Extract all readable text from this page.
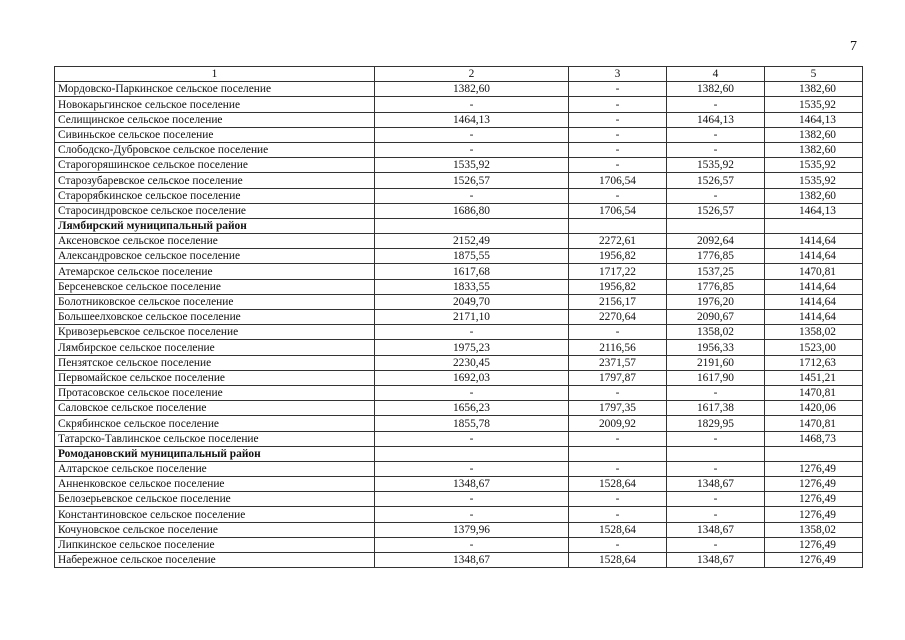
7
1	2	3	4	5
Мордовско-Паркинское сельское поселение	1382,60	-	1382,60	1382,60
Новокарьгинское сельское поселение	-	-	-	1535,92
Селищинское сельское поселение	1464,13	-	1464,13	1464,13
Сивиньское сельское поселение	-	-	-	1382,60
Слободско-Дубровское сельское поселение	-	-	-	1382,60
Старогоряшинское сельское поселение	1535,92	-	1535,92	1535,92
Старозубаревское сельское поселение	1526,57	1706,54	1526,57	1535,92
Старорябкинское сельское поселение	-	-	-	1382,60
Старосиндровское сельское поселение	1686,80	1706,54	1526,57	1464,13
Лямбирский муниципальный район				
Аксеновское сельское поселение	2152,49	2272,61	2092,64	1414,64
Александровское сельское поселение	1875,55	1956,82	1776,85	1414,64
Атемарское сельское поселение	1617,68	1717,22	1537,25	1470,81
Берсеневское сельское поселение	1833,55	1956,82	1776,85	1414,64
Болотниковское сельское поселение	2049,70	2156,17	1976,20	1414,64
Большеелховское сельское поселение	2171,10	2270,64	2090,67	1414,64
Кривозерьевское сельское поселение	-	-	1358,02	1358,02
Лямбирское сельское поселение	1975,23	2116,56	1956,33	1523,00
Пензятское сельское поселение	2230,45	2371,57	2191,60	1712,63
Первомайское сельское поселение	1692,03	1797,87	1617,90	1451,21
Протасовское сельское поселение	-	-	-	1470,81
Саловское сельское поселение	1656,23	1797,35	1617,38	1420,06
Скрябинское сельское поселение	1855,78	2009,92	1829,95	1470,81
Татарско-Тавлинское сельское поселение	-	-	-	1468,73
Ромодановский муниципальный район				
Алтарское сельское поселение	-	-	-	1276,49
Анненковское сельское поселение	1348,67	1528,64	1348,67	1276,49
Белозерьевское сельское поселение	-	-	-	1276,49
Константиновское сельское поселение	-	-	-	1276,49
Кочуновское сельское поселение	1379,96	1528,64	1348,67	1358,02
Липкинское сельское поселение	-	-	-	1276,49
Набережное сельское поселение	1348,67	1528,64	1348,67	1276,49
